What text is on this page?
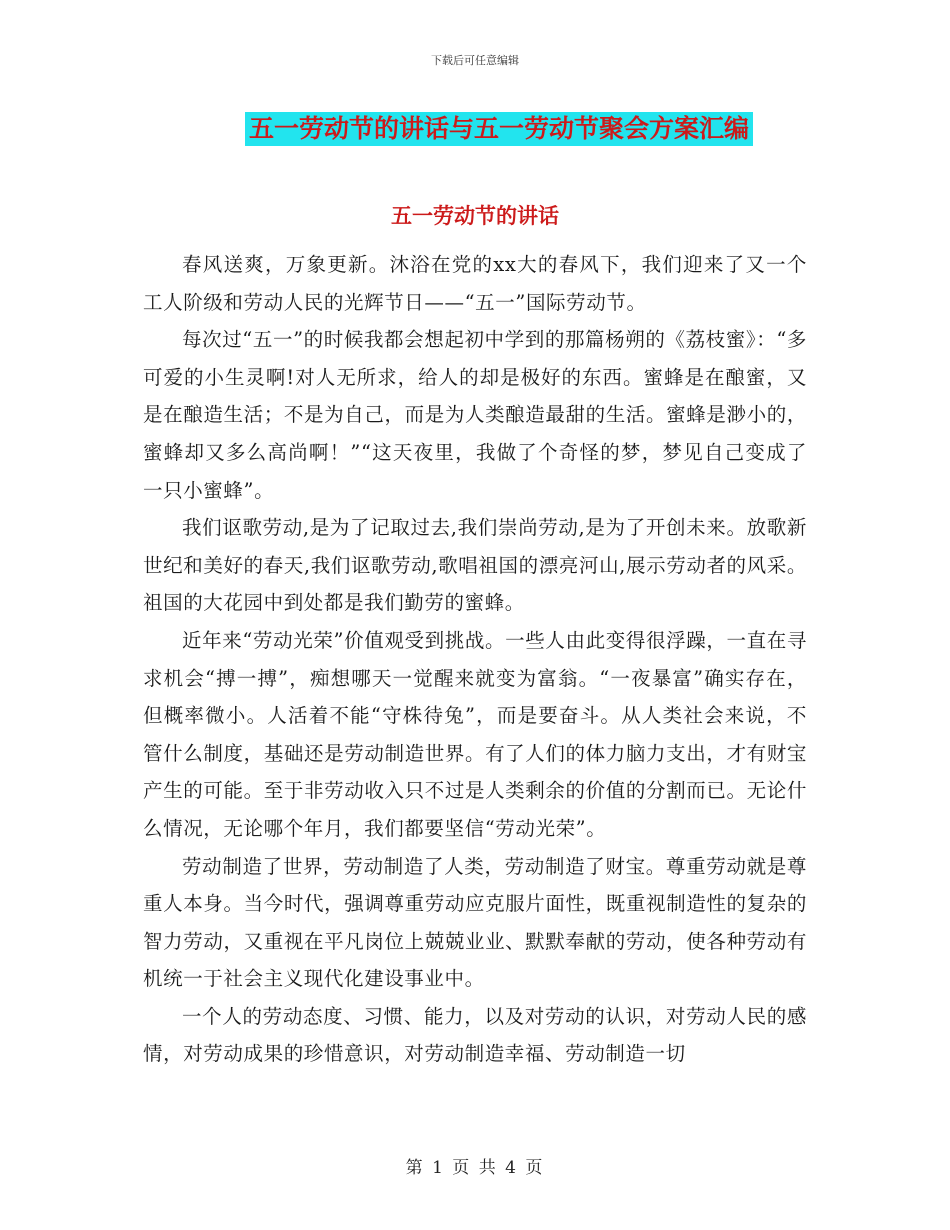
下载后可任意编辑
五一劳动节的讲话与五一劳动节聚会方案汇编
五一劳动节的讲话

春风送爽，万象更新。沐浴在党的xx大的春风下，我们迎来了又一个工人阶级和劳动人民的光辉节日——“五一”国际劳动节。

每次过“五一”的时候我都会想起初中学到的那篇杨朔的《荔枝蜜》：“多可爱的小生灵啊!对人无所求，给人的却是极好的东西。蜜蜂是在酿蜜，又是在酿造生活；不是为自己，而是为人类酿造最甜的生活。蜜蜂是渺小的，蜜蜂却又多么高尚啊！”“这天夜里，我做了个奇怪的梦，梦见自己变成了一只小蜜蜂”。

我们讴歌劳动,是为了记取过去,我们崇尚劳动,是为了开创未来。放歌新世纪和美好的春天,我们讴歌劳动,歌唱祖国的漂亮河山,展示劳动者的风采。祖国的大花园中到处都是我们勤劳的蜜蜂。

近年来“劳动光荣”价值观受到挑战。一些人由此变得很浮躁，一直在寻求机会“搏一搏”，痴想哪天一觉醒来就变为富翁。“一夜暴富”确实存在，但概率微小。人活着不能“守株待兔”，而是要奋斗。从人类社会来说，不管什么制度，基础还是劳动制造世界。有了人们的体力脑力支出，才有财宝产生的可能。至于非劳动收入只不过是人类剩余的价值的分割而已。无论什么情况，无论哪个年月，我们都要坚信“劳动光荣”。

劳动制造了世界，劳动制造了人类，劳动制造了财宝。尊重劳动就是尊重人本身。当今时代，强调尊重劳动应克服片面性，既重视制造性的复杂的智力劳动，又重视在平凡岗位上兢兢业业、默默奉献的劳动，使各种劳动有机统一于社会主义现代化建设事业中。

一个人的劳动态度、习惯、能力，以及对劳动的认识，对劳动人民的感情，对劳动成果的珍惜意识，对劳动制造幸福、劳动制造一切

第 1 页 共 4 页
